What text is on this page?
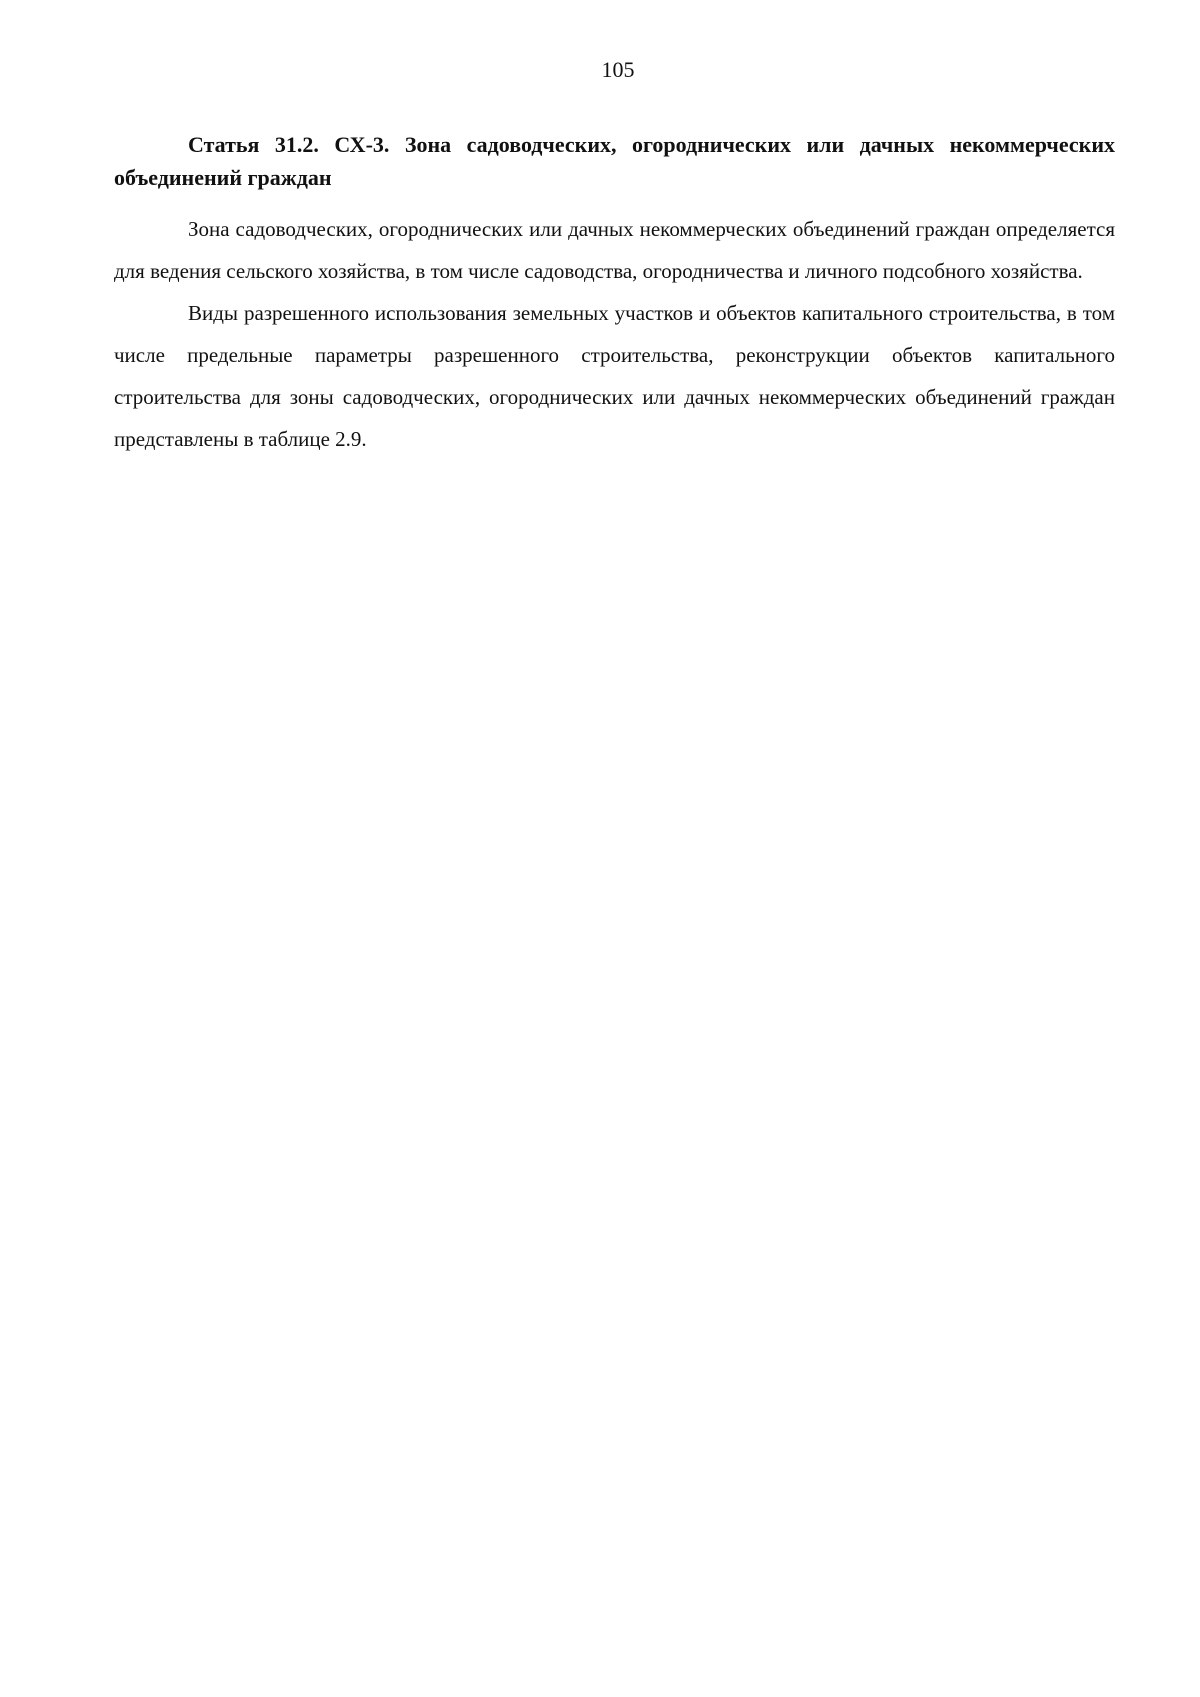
105
Статья 31.2. СХ-3. Зона садоводческих, огороднических или дачных некоммерческих объединений граждан

Зона садоводческих, огороднических или дачных некоммерческих объединений граждан определяется для ведения сельского хозяйства, в том числе садоводства, огородничества и личного подсобного хозяйства.

Виды разрешенного использования земельных участков и объектов капитального строительства, в том числе предельные параметры разрешенного строительства, реконструкции объектов капитального строительства для зоны садоводческих, огороднических или дачных некоммерческих объединений граждан представлены в таблице 2.9.
